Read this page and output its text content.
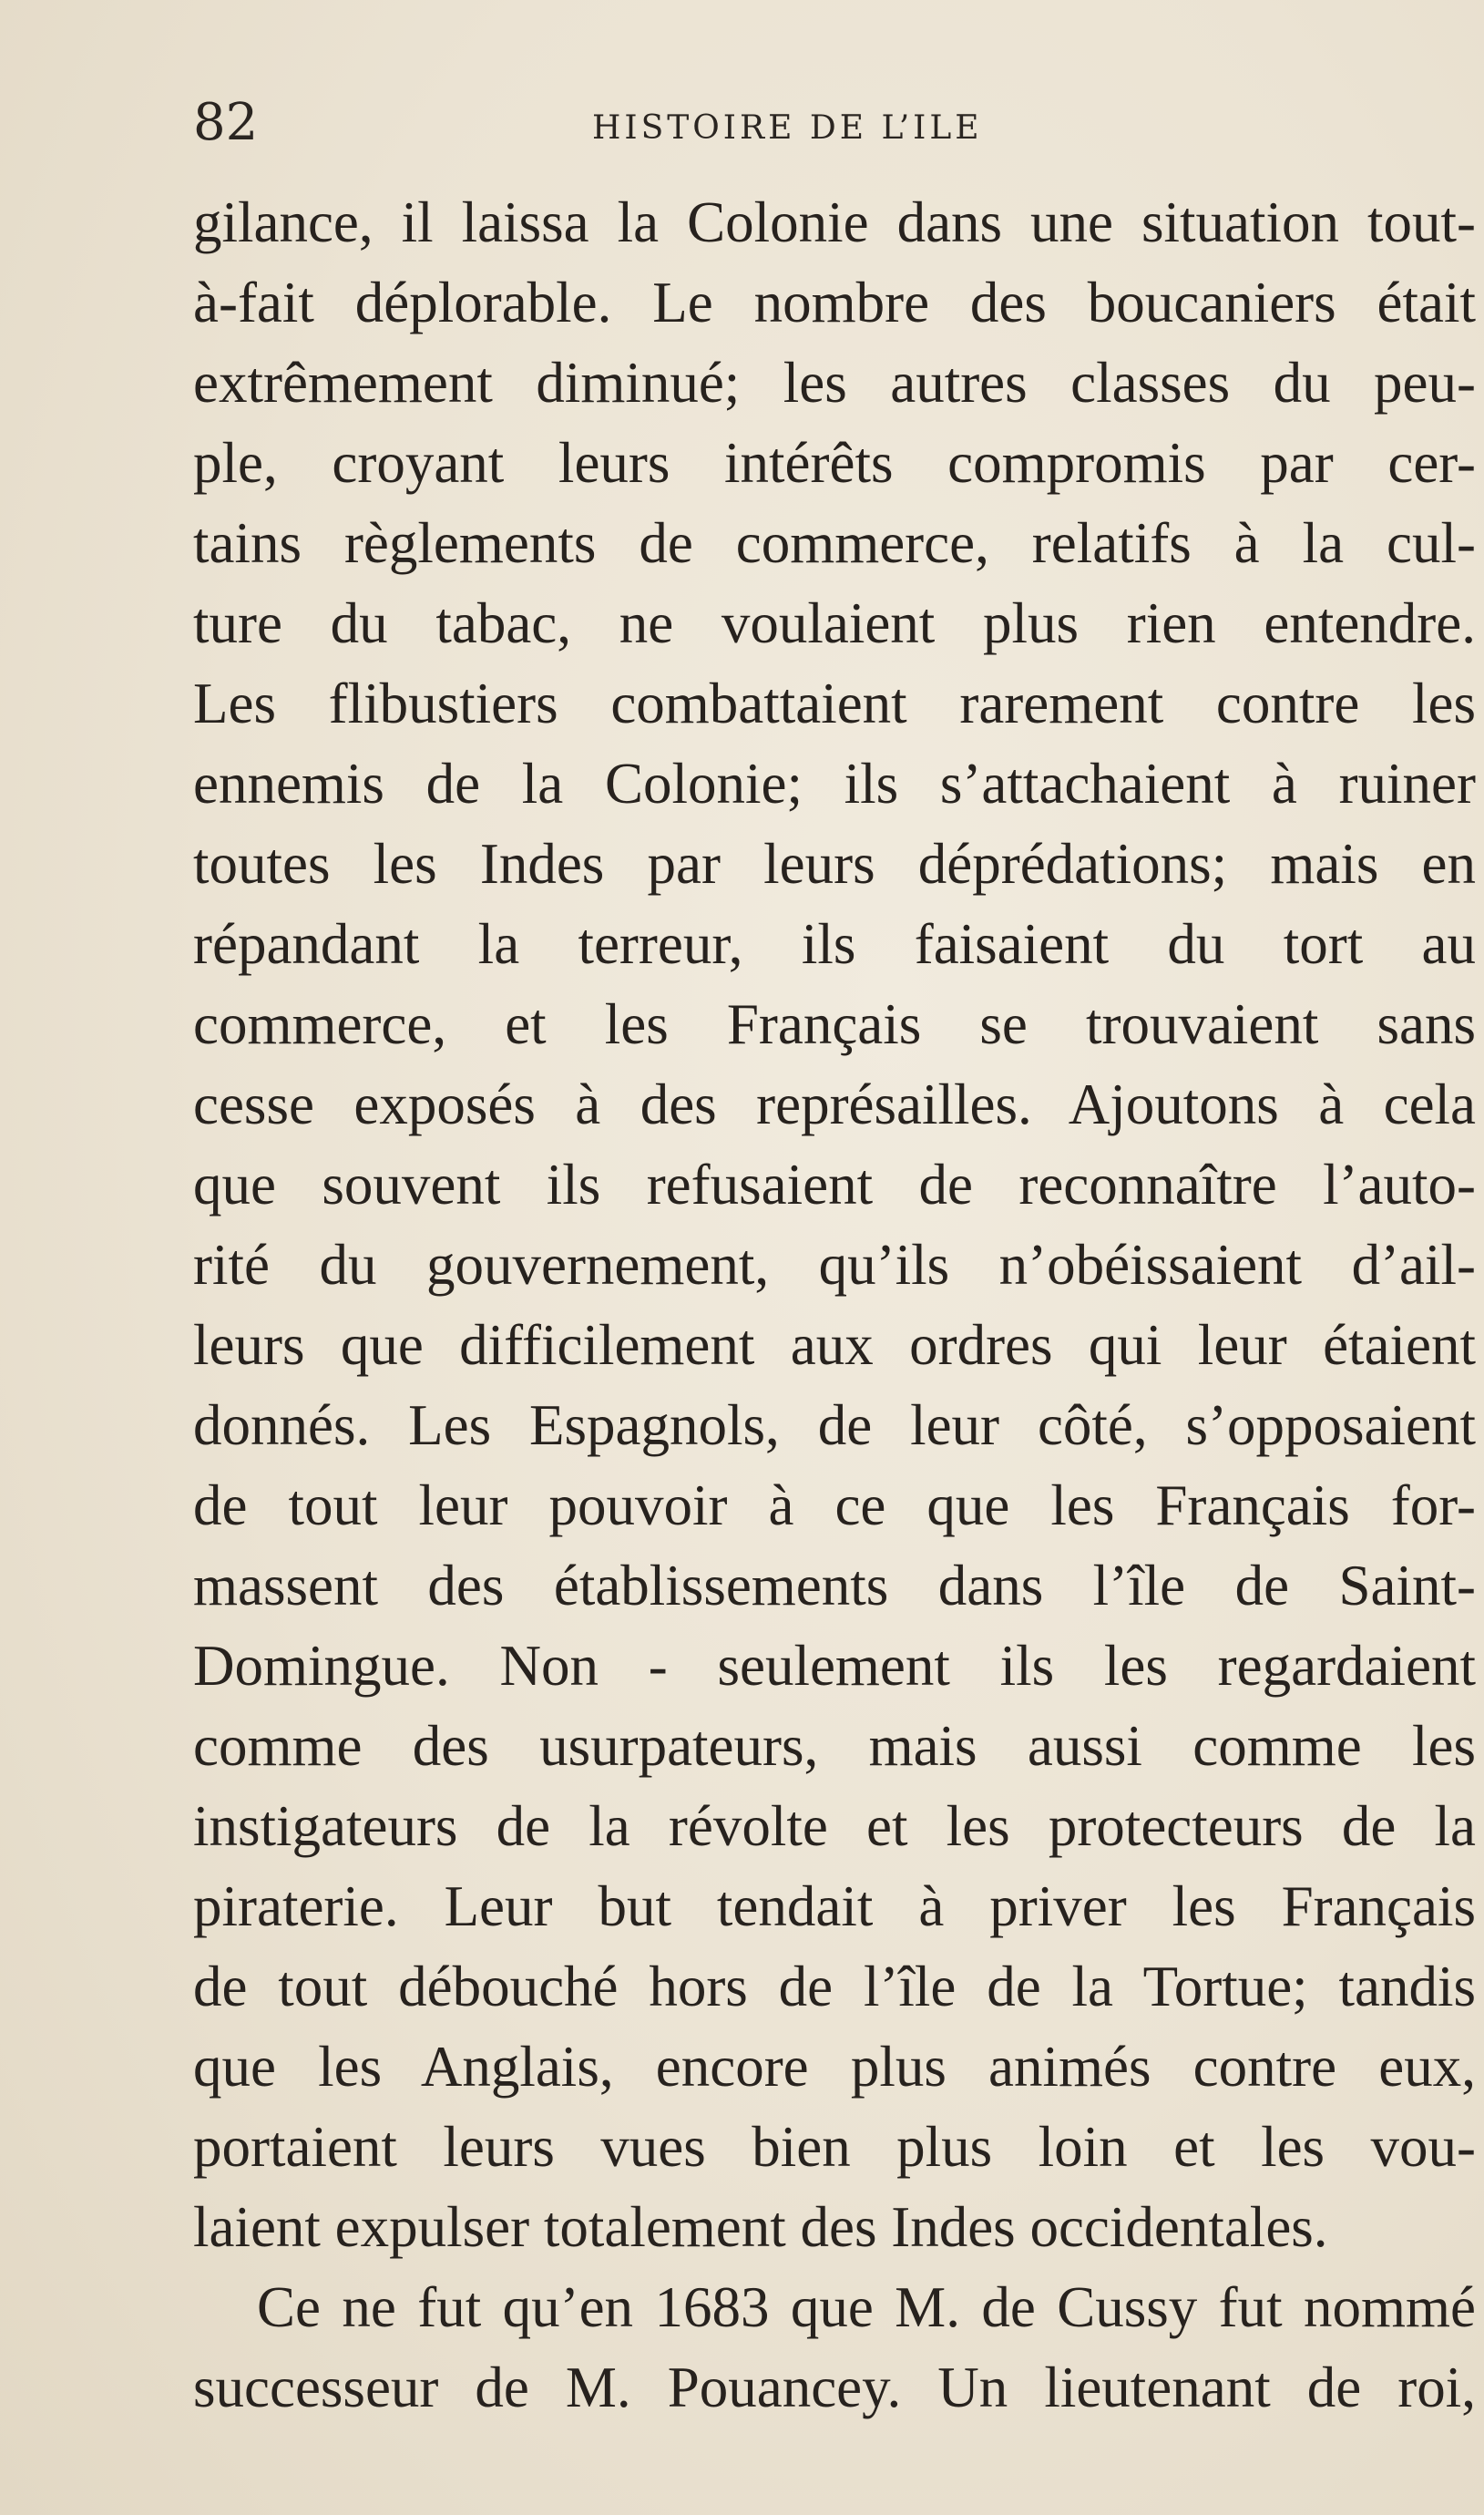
82	HISTOIRE DE L’ILE
gilance, il laissa la Colonie dans une situation tout-
à-fait déplorable. Le nombre des boucaniers était
extrêmement diminué; les autres classes du peu-
ple, croyant leurs intérêts compromis par cer-
tains règlements de commerce, relatifs à la cul-
ture du tabac, ne voulaient plus rien entendre.
Les flibustiers combattaient rarement contre les
ennemis de la Colonie; ils s’attachaient à ruiner
toutes les Indes par leurs déprédations; mais en
répandant la terreur, ils faisaient du tort au
commerce, et les Français se trouvaient sans
cesse exposés à des représailles. Ajoutons à cela
que souvent ils refusaient de reconnaître l’auto-
rité du gouvernement, qu’ils n’obéissaient d’ail-
leurs que difficilement aux ordres qui leur étaient
donnés. Les Espagnols, de leur côté, s’opposaient
de tout leur pouvoir à ce que les Français for-
massent des établissements dans l’île de Saint-
Domingue. Non - seulement ils les regardaient
comme des usurpateurs, mais aussi comme les
instigateurs de la révolte et les protecteurs de la
piraterie. Leur but tendait à priver les Français
de tout débouché hors de l’île de la Tortue; tandis
que les Anglais, encore plus animés contre eux,
portaient leurs vues bien plus loin et les vou-
laient expulser totalement des Indes occidentales.
Ce ne fut qu’en 1683 que M. de Cussy fut nommé
successeur de M. Pouancey. Un lieutenant de roi,
